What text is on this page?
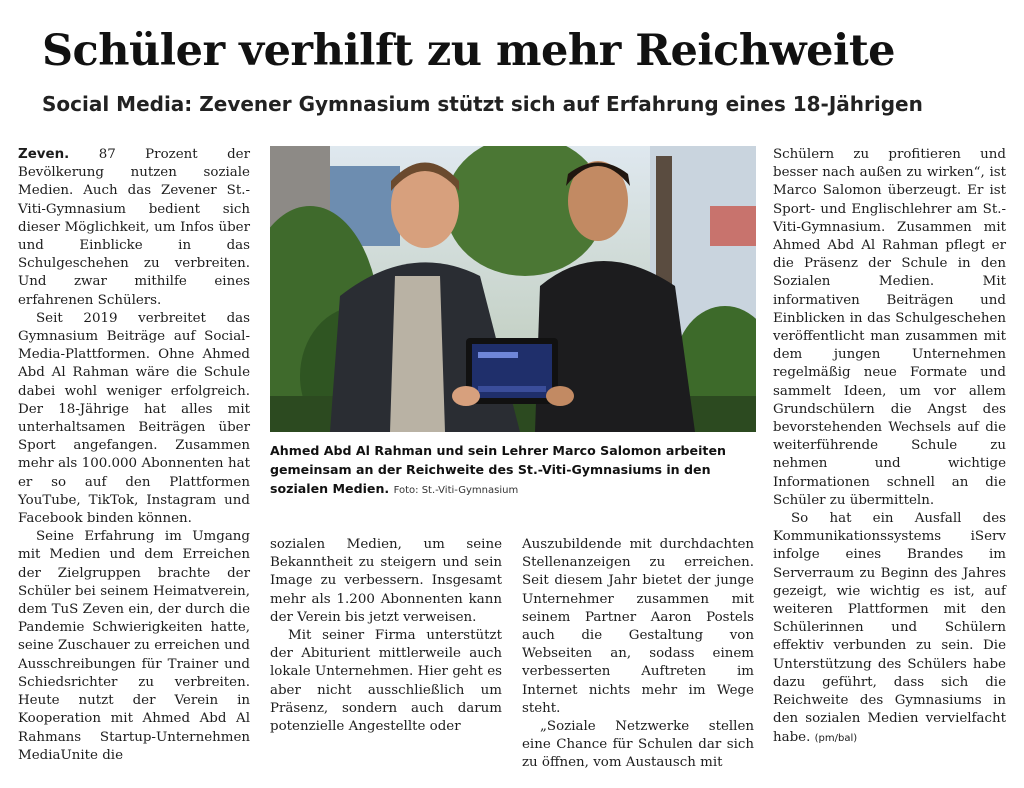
Schüler verhilft zu mehr Reichweite
Social Media: Zevener Gymnasium stützt sich auf Erfahrung eines 18-Jährigen

Zeven. 87 Prozent der Bevölkerung nutzen soziale Medien. Auch das Zevener St.-Viti-Gymnasium bedient sich dieser Möglichkeit, um Infos über und Einblicke in das Schulgeschehen zu verbreiten. Und zwar mithilfe eines erfahrenen Schülers.

Seit 2019 verbreitet das Gymnasium Beiträge auf Social-Media-Plattformen. Ohne Ahmed Abd Al Rahman wäre die Schule dabei wohl weniger erfolgreich. Der 18-Jährige hat alles mit unterhaltsamen Beiträgen über Sport angefangen. Zusammen mehr als 100.000 Abonnenten hat er so auf den Plattformen YouTube, TikTok, Instagram und Facebook binden können.

Seine Erfahrung im Umgang mit Medien und dem Erreichen der Zielgruppen brachte der Schüler bei seinem Heimatverein, dem TuS Zeven ein, der durch die Pandemie Schwierigkeiten hatte, seine Zuschauer zu erreichen und Ausschreibungen für Trainer und Schiedsrichter zu verbreiten. Heute nutzt der Verein in Kooperation mit Ahmed Abd Al Rahmans Startup-Unternehmen MediaUnite die

Ahmed Abd Al Rahman und sein Lehrer Marco Salomon arbeiten gemeinsam an der Reichweite des St.-Viti-Gymnasiums in den sozialen Medien. Foto: St.-Viti-Gymnasium

sozialen Medien, um seine Bekanntheit zu steigern und sein Image zu verbessern. Insgesamt mehr als 1.200 Abonnenten kann der Verein bis jetzt verweisen.

Mit seiner Firma unterstützt der Abiturient mittlerweile auch lokale Unternehmen. Hier geht es aber nicht ausschließlich um Präsenz, sondern auch darum potenzielle Angestellte oder

Auszubildende mit durchdachten Stellenanzeigen zu erreichen. Seit diesem Jahr bietet der junge Unternehmer zusammen mit seinem Partner Aaron Postels auch die Gestaltung von Webseiten an, sodass einem verbesserten Auftreten im Internet nichts mehr im Wege steht.

„Soziale Netzwerke stellen eine Chance für Schulen dar sich zu öffnen, vom Austausch mit

Schülern zu profitieren und besser nach außen zu wirken“, ist Marco Salomon überzeugt. Er ist Sport- und Englischlehrer am St.-Viti-Gymnasium. Zusammen mit Ahmed Abd Al Rahman pflegt er die Präsenz der Schule in den Sozialen Medien. Mit informativen Beiträgen und Einblicken in das Schulgeschehen veröffentlicht man zusammen mit dem jungen Unternehmen regelmäßig neue Formate und sammelt Ideen, um vor allem Grundschülern die Angst des bevorstehenden Wechsels auf die weiterführende Schule zu nehmen und wichtige Informationen schnell an die Schüler zu übermitteln.

So hat ein Ausfall des Kommunikationssystems iServ infolge eines Brandes im Serverraum zu Beginn des Jahres gezeigt, wie wichtig es ist, auf weiteren Plattformen mit den Schülerinnen und Schülern effektiv verbunden zu sein. Die Unterstützung des Schülers habe dazu geführt, dass sich die Reichweite des Gymnasiums in den sozialen Medien vervielfacht habe. (pm/bal)
